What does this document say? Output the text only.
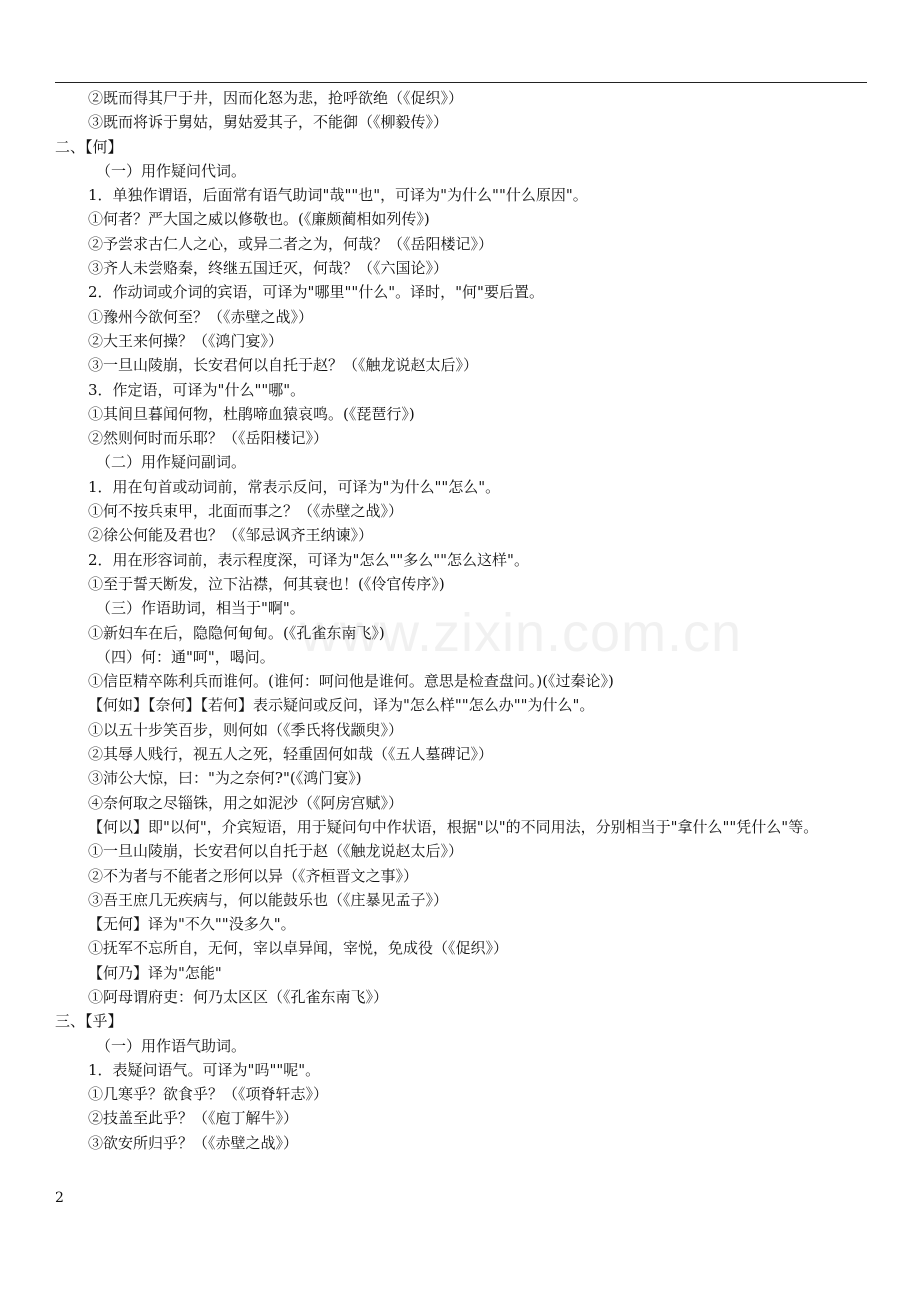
②既而得其尸于井，因而化怒为悲，抢呼欲绝（《促织》）
③既而将诉于舅姑，舅姑爱其子，不能御（《柳毅传》）
二、【何】
（一）用作疑问代词。
1．单独作谓语，后面常有语气助词"哉""也"，可译为"为什么""什么原因"。
①何者？严大国之威以修敬也。(《廉颇蔺相如列传》)
②予尝求古仁人之心，或异二者之为，何哉？（《岳阳楼记》）
③齐人未尝赂秦，终继五国迁灭，何哉？（《六国论》）
2．作动词或介词的宾语，可译为"哪里""什么"。译时，"何"要后置。
①豫州今欲何至？（《赤壁之战》）
②大王来何操？（《鸿门宴》）
③一旦山陵崩，长安君何以自托于赵？（《触龙说赵太后》）
3．作定语，可译为"什么""哪"。
①其间旦暮闻何物，杜鹃啼血猿哀鸣。(《琵琶行》)
②然则何时而乐耶？（《岳阳楼记》）
（二）用作疑问副词。
1．用在句首或动词前，常表示反问，可译为"为什么""怎么"。
①何不按兵束甲，北面而事之？（《赤壁之战》）
②徐公何能及君也？（《邹忌讽齐王纳谏》）
2．用在形容词前，表示程度深，可译为"怎么""多么""怎么这样"。
①至于誓天断发，泣下沾襟，何其衰也！(《伶官传序》)
（三）作语助词，相当于"啊"。
①新妇车在后，隐隐何甸甸。(《孔雀东南飞》)
（四）何：通"呵"，喝问。
①信臣精卒陈利兵而谁何。(谁何：呵问他是谁何。意思是检查盘问。)(《过秦论》)
【何如】【奈何】【若何】表示疑问或反问，译为"怎么样""怎么办""为什么"。
①以五十步笑百步，则何如（《季氏将伐颛臾》）
②其辱人贱行，视五人之死，轻重固何如哉（《五人墓碑记》）
③沛公大惊，曰："为之奈何?"(《鸿门宴》)
④奈何取之尽锱铢，用之如泥沙（《阿房宫赋》）
【何以】即"以何"，介宾短语，用于疑问句中作状语，根据"以"的不同用法，分别相当于"拿什么""凭什么"等。
①一旦山陵崩，长安君何以自托于赵（《触龙说赵太后》）
②不为者与不能者之形何以异（《齐桓晋文之事》）
③吾王庶几无疾病与，何以能鼓乐也（《庄暴见孟子》）
【无何】译为"不久""没多久"。
①抚军不忘所自，无何，宰以卓异闻，宰悦，免成役（《促织》）
【何乃】译为"怎能"
①阿母谓府吏：何乃太区区（《孔雀东南飞》）
三、【乎】
（一）用作语气助词。
1．表疑问语气。可译为"吗""呢"。
①几寒乎？欲食乎？（《项脊轩志》）
②技盖至此乎？（《庖丁解牛》）
③欲安所归乎？（《赤壁之战》）
www.zixin.com.cn
2
